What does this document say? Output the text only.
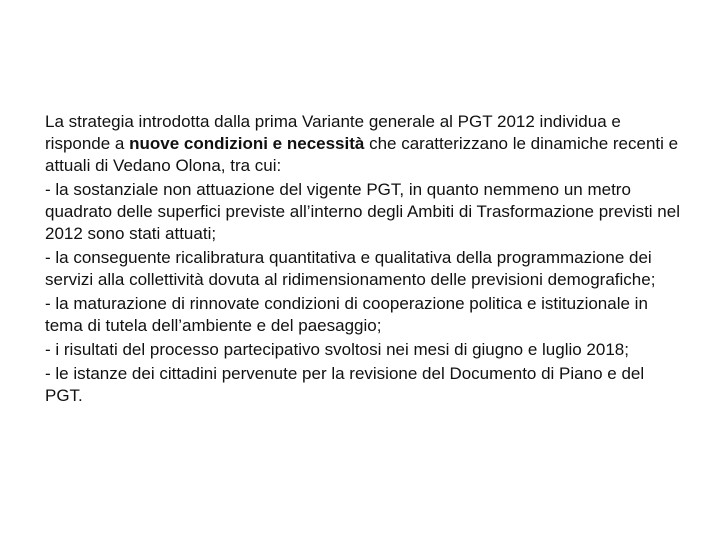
La strategia introdotta dalla prima Variante generale al PGT 2012 individua e risponde a nuove condizioni e necessità che caratterizzano le dinamiche recenti e attuali di Vedano Olona, tra cui:

- la sostanziale non attuazione del vigente PGT, in quanto nemmeno un metro quadrato delle superfici previste all’interno degli Ambiti di Trasformazione previsti nel 2012 sono stati attuati;

- la conseguente ricalibratura quantitativa e qualitativa della programmazione dei servizi alla collettività dovuta al ridimensionamento delle previsioni demografiche;

- la maturazione di rinnovate condizioni di cooperazione politica e istituzionale in tema di tutela dell’ambiente e del paesaggio;

- i risultati del processo partecipativo svoltosi nei mesi di giugno e luglio 2018;

- le istanze dei cittadini pervenute per la revisione del Documento di Piano e del PGT.
